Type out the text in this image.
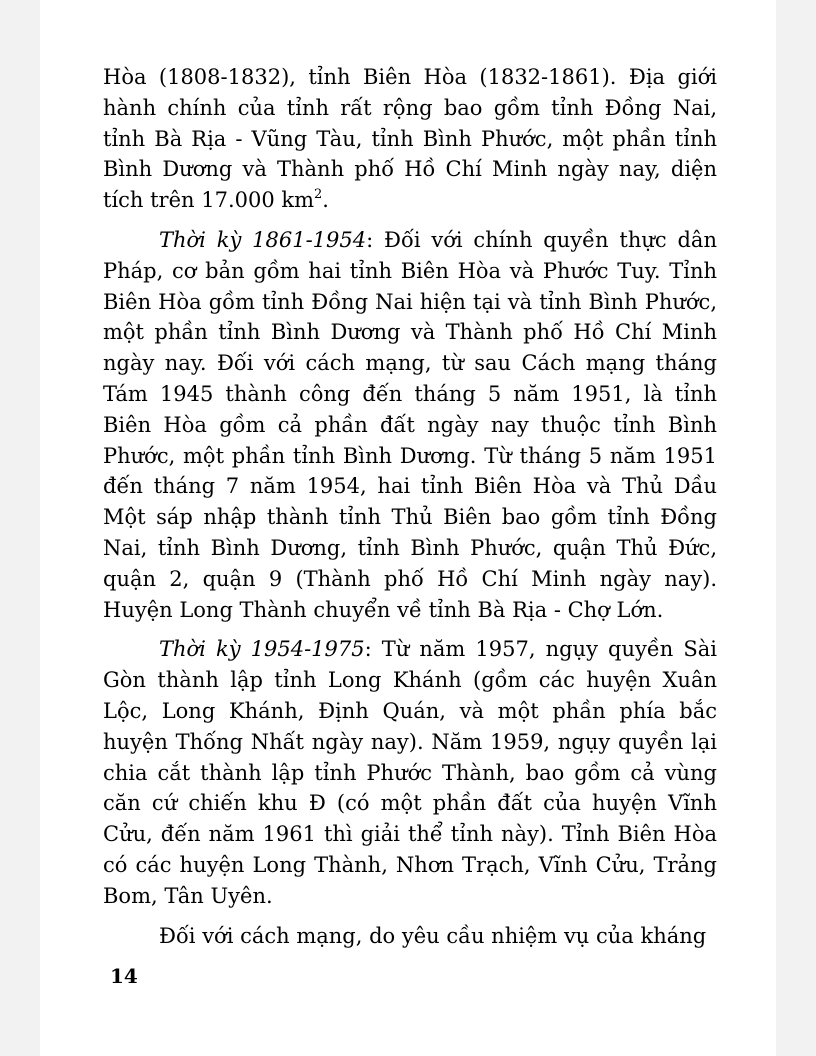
Hòa (1808-1832), tỉnh Biên Hòa (1832-1861). Địa giới hành chính của tỉnh rất rộng bao gồm tỉnh Đồng Nai, tỉnh Bà Rịa - Vũng Tàu, tỉnh Bình Phước, một phần tỉnh Bình Dương và Thành phố Hồ Chí Minh ngày nay, diện tích trên 17.000 $km^2$.

Thời kỳ 1861-1954: Đối với chính quyền thực dân Pháp, cơ bản gồm hai tỉnh Biên Hòa và Phước Tuy. Tỉnh Biên Hòa gồm tỉnh Đồng Nai hiện tại và tỉnh Bình Phước, một phần tỉnh Bình Dương và Thành phố Hồ Chí Minh ngày nay. Đối với cách mạng, từ sau Cách mạng tháng Tám 1945 thành công đến tháng 5 năm 1951, là tỉnh Biên Hòa gồm cả phần đất ngày nay thuộc tỉnh Bình Phước, một phần tỉnh Bình Dương. Từ tháng 5 năm 1951 đến tháng 7 năm 1954, hai tỉnh Biên Hòa và Thủ Dầu Một sáp nhập thành tỉnh Thủ Biên bao gồm tỉnh Đồng Nai, tỉnh Bình Dương, tỉnh Bình Phước, quận Thủ Đức, quận 2, quận 9 (Thành phố Hồ Chí Minh ngày nay). Huyện Long Thành chuyển về tỉnh Bà Rịa - Chợ Lớn.

Thời kỳ 1954-1975: Từ năm 1957, ngụy quyền Sài Gòn thành lập tỉnh Long Khánh (gồm các huyện Xuân Lộc, Long Khánh, Định Quán, và một phần phía bắc huyện Thống Nhất ngày nay). Năm 1959, ngụy quyền lại chia cắt thành lập tỉnh Phước Thành, bao gồm cả vùng căn cứ chiến khu Đ (có một phần đất của huyện Vĩnh Cửu, đến năm 1961 thì giải thể tỉnh này). Tỉnh Biên Hòa có các huyện Long Thành, Nhơn Trạch, Vĩnh Cửu, Trảng Bom, Tân Uyên.

Đối với cách mạng, do yêu cầu nhiệm vụ của kháng

14
